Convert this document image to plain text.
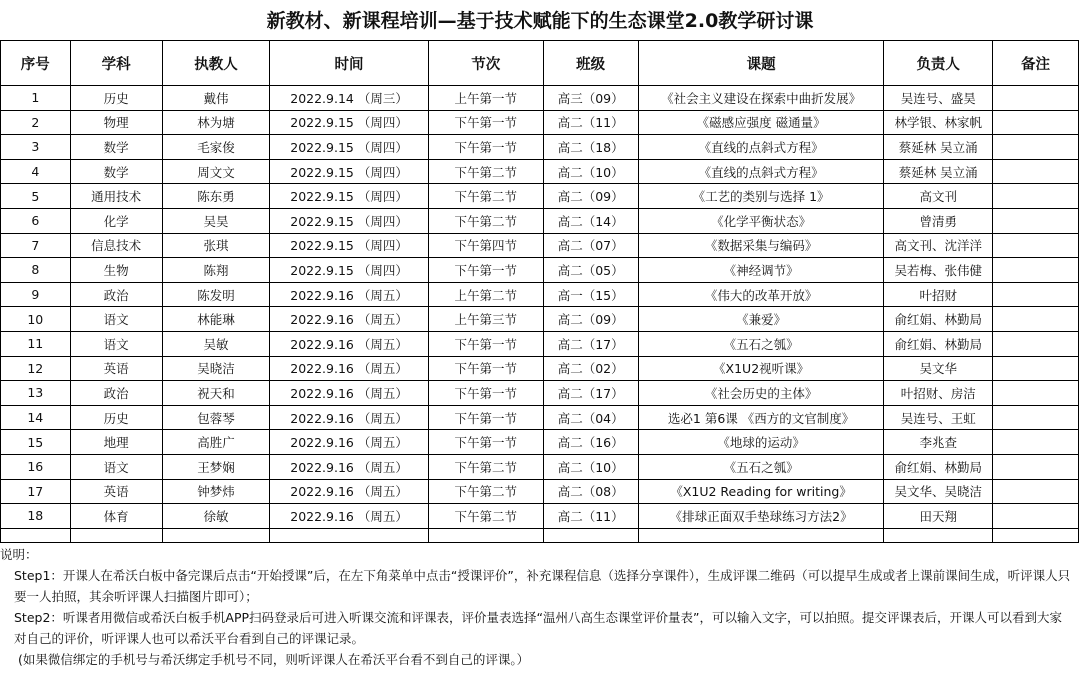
新教材、新课程培训—基于技术赋能下的生态课堂2.0教学研讨课
序号	学科	执教人	时间	节次	班级	课题	负责人	备注
1	历史	戴伟	2022.9.14 （周三）	上午第一节	高三（09）	《社会主义建设在探索中曲折发展》	吴连号、盛昊	
2	物理	林为塘	2022.9.15 （周四）	下午第一节	高二（11）	《磁感应强度 磁通量》	林学银、林家帆	
3	数学	毛家俊	2022.9.15 （周四）	下午第一节	高二（18）	《直线的点斜式方程》	蔡延林 吴立涌	
4	数学	周文文	2022.9.15 （周四）	下午第二节	高二（10）	《直线的点斜式方程》	蔡延林 吴立涌	
5	通用技术	陈东勇	2022.9.15 （周四）	下午第二节	高二（09）	《工艺的类别与选择 1》	高文刊	
6	化学	吴昊	2022.9.15 （周四）	下午第二节	高二（14）	《化学平衡状态》	曾清勇	
7	信息技术	张琪	2022.9.15 （周四）	下午第四节	高二（07）	《数据采集与编码》	高文刊、沈洋洋	
8	生物	陈翔	2022.9.15 （周四）	下午第一节	高二（05）	《神经调节》	吴若梅、张伟健	
9	政治	陈发明	2022.9.16 （周五）	上午第二节	高一（15）	《伟大的改革开放》	叶招财	
10	语文	林能琳	2022.9.16 （周五）	上午第三节	高二（09）	《兼爱》	俞红娟、林勤局	
11	语文	吴敏	2022.9.16 （周五）	下午第一节	高二（17）	《五石之瓠》	俞红娟、林勤局	
12	英语	吴晓洁	2022.9.16 （周五）	下午第一节	高二（02）	《X1U2视听课》	吴文华	
13	政治	祝天和	2022.9.16 （周五）	下午第一节	高二（17）	《社会历史的主体》	叶招财、房洁	
14	历史	包蓉琴	2022.9.16 （周五）	下午第一节	高二（04）	选必1 第6课 《西方的文官制度》	吴连号、王虹	
15	地理	高胜广	2022.9.16 （周五）	下午第一节	高二（16）	《地球的运动》	李兆查	
16	语文	王梦娴	2022.9.16 （周五）	下午第二节	高二（10）	《五石之瓠》	俞红娟、林勤局	
17	英语	钟梦炜	2022.9.16 （周五）	下午第二节	高二（08）	《X1U2 Reading for writing》	吴文华、吴晓洁	
18	体育	徐敏	2022.9.16 （周五）	下午第二节	高二（11）	《排球正面双手垫球练习方法2》	田天翔	

说明：

Step1：开课人在希沃白板中备完课后点击“开始授课”后，在左下角菜单中点击“授课评价”，补充课程信息（选择分享课件），生成评课二维码（可以提早生成或者上课前课间生成，听评课人只要一人拍照，其余听评课人扫描图片即可）；

Step2：听课者用微信或希沃白板手机APP扫码登录后可进入听课交流和评课表，评价量表选择“温州八高生态课堂评价量表”，可以输入文字，可以拍照。提交评课表后，开课人可以看到大家对自己的评价，听评课人也可以希沃平台看到自己的评课记录。

(如果微信绑定的手机号与希沃绑定手机号不同，则听评课人在希沃平台看不到自己的评课。）
